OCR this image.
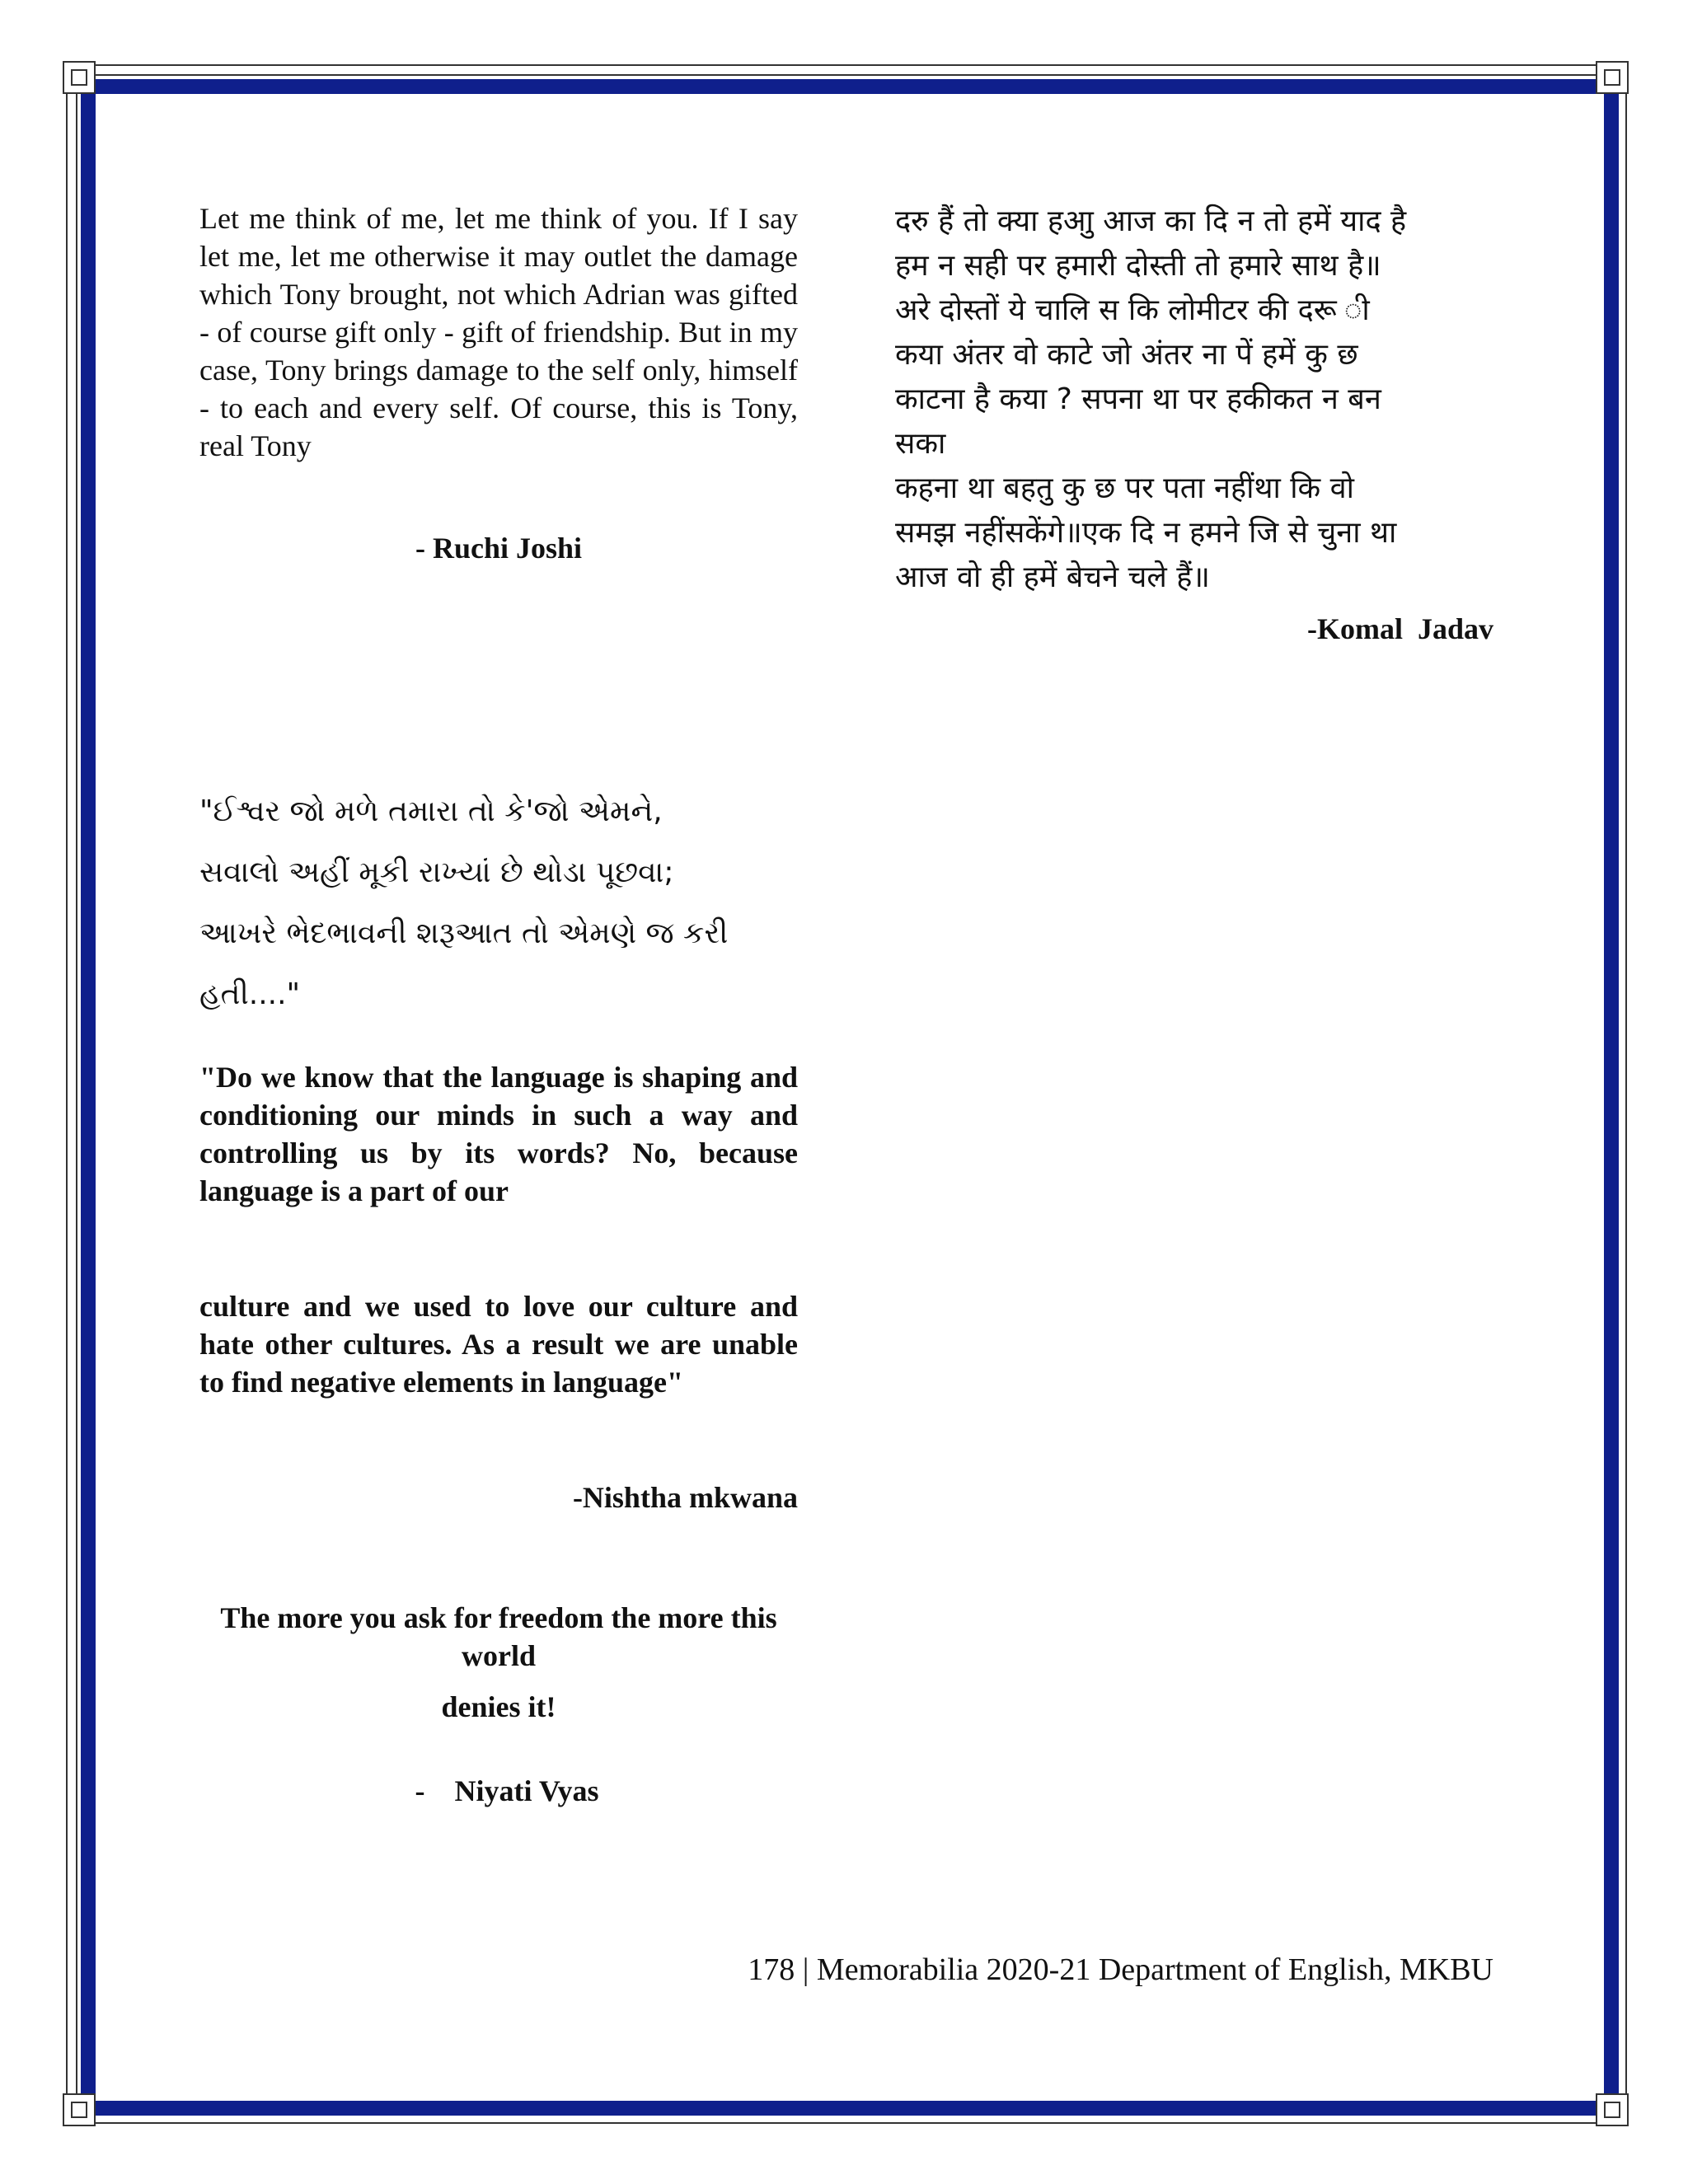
Let me think of me, let me think of you. If I say let me, let me otherwise it may outlet the damage which Tony brought, not which Adrian was gifted - of course gift only - gift of friendship. But in my case, Tony brings damage to the self only, himself - to each and every self. Of course, this is Tony, real Tony
- Ruchi Joshi
"ઈશ્વર જો મળે તમારા તો કે'જો એમને,
સવાલો અહીં મૂકી રાખ્યાં છે થોડા પૂછવા;
આખરે ભેદભાવની શરૂઆત તો એમણે જ કરી
હતી...."
"Do we know that the language is shaping and conditioning our minds in such a way and controlling us by its words? No, because language is a part of our
culture and we used to love our culture and hate other cultures. As a result we are unable to find negative elements in language"
-Nishtha mkwana
The more you ask for freedom the more this world
denies it!
-    Niyati Vyas
दरु हैं तो क्या हआु आज का दि न तो हमें याद है
हम न सही पर हमारी दोस्ती तो हमारे साथ है॥
अरे दोस्तों ये चालि स कि लोमीटर की दरू ी
कया अंतर वो काटे जो अंतर ना पें हमें कु छ
काटना है कया ? सपना था पर हकीकत न बन
सका
कहना था बहतु कु छ पर पता नहींथा कि वो
समझ नहींसकेंगे॥एक दि न हमने जि से चुना था
आज वो ही हमें बेचने चले हैं॥
-Komal  Jadav
178 | Memorabilia 2020-21 Department of English, MKBU
